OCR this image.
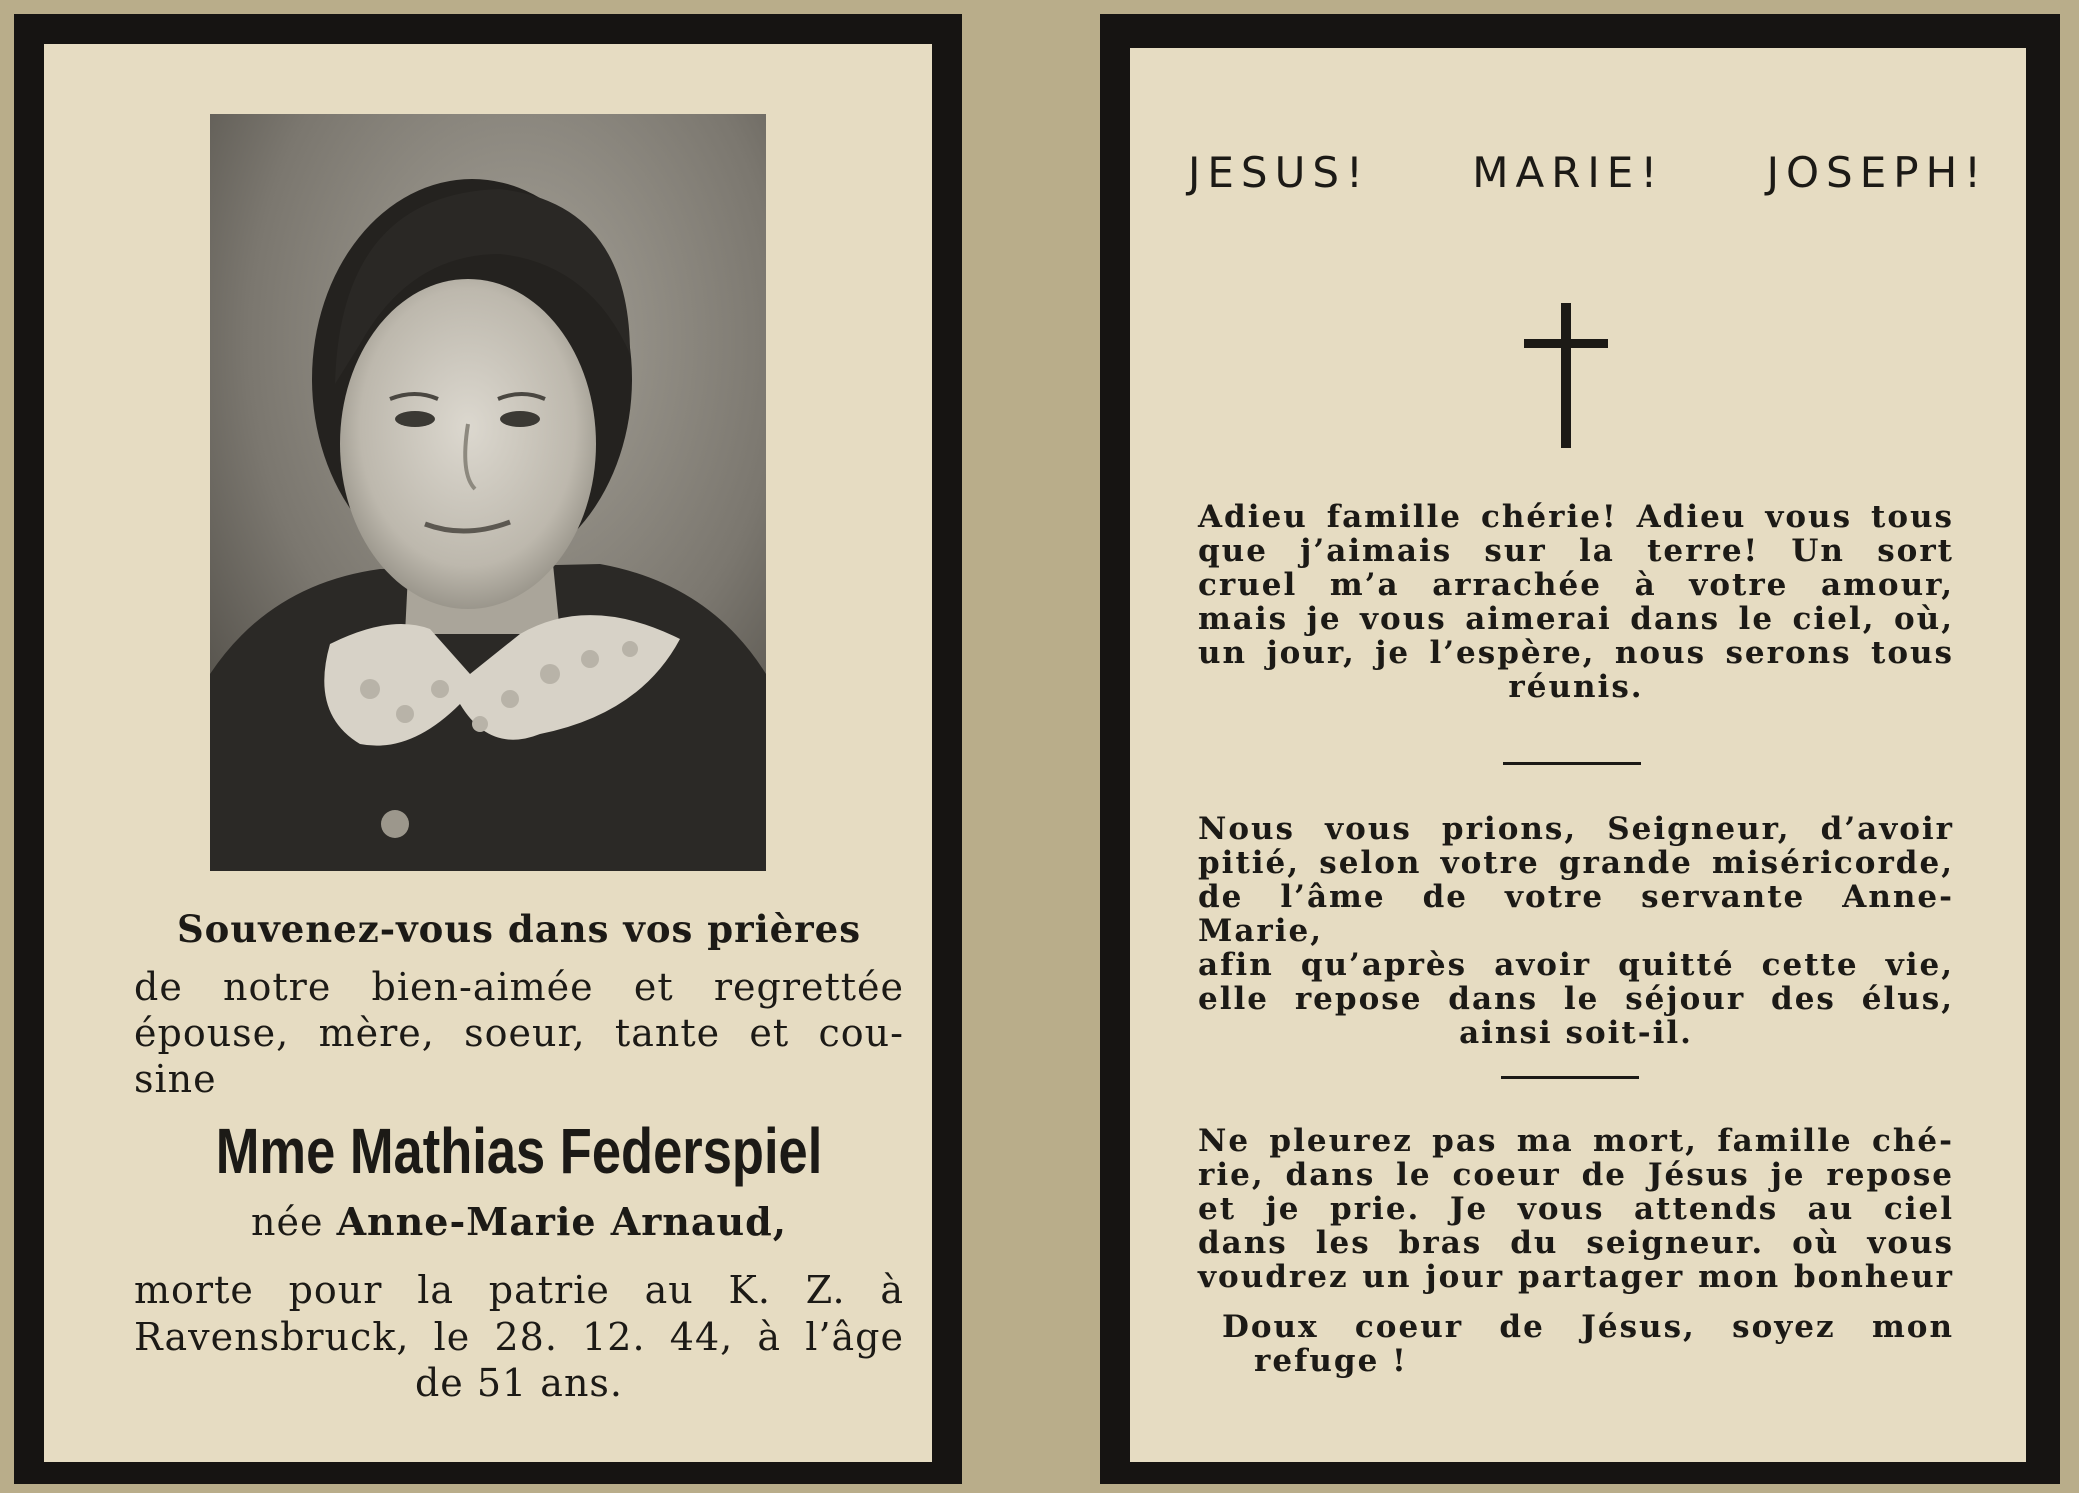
Souvenez-vous dans vos prières
de notre bien-aimée et regrettée
épouse, mère, soeur, tante et cou-
sine
Mme Mathias Federspiel
née Anne-Marie Arnaud,
morte pour la patrie au K. Z. à
Ravensbruck, le 28. 12. 44, à l’âge
de 51 ans.
JESUS! MARIE! JOSEPH!
Adieu famille chérie! Adieu vous tous
que j’aimais sur la terre! Un sort
cruel m’a arrachée à votre amour,
mais je vous aimerai dans le ciel, où,
un jour, je l’espère, nous serons tous
réunis.
Nous vous prions, Seigneur, d’avoir
pitié, selon votre grande miséricorde,
de l’âme de votre servante Anne-Marie,
afin qu’après avoir quitté cette vie,
elle repose dans le séjour des élus,
ainsi soit-il.
Ne pleurez pas ma mort, famille ché-
rie, dans le coeur de Jésus je repose
et je prie. Je vous attends au ciel
dans les bras du seigneur. où vous
voudrez un jour partager mon bonheur
Doux coeur de Jésus, soyez mon
refuge !
